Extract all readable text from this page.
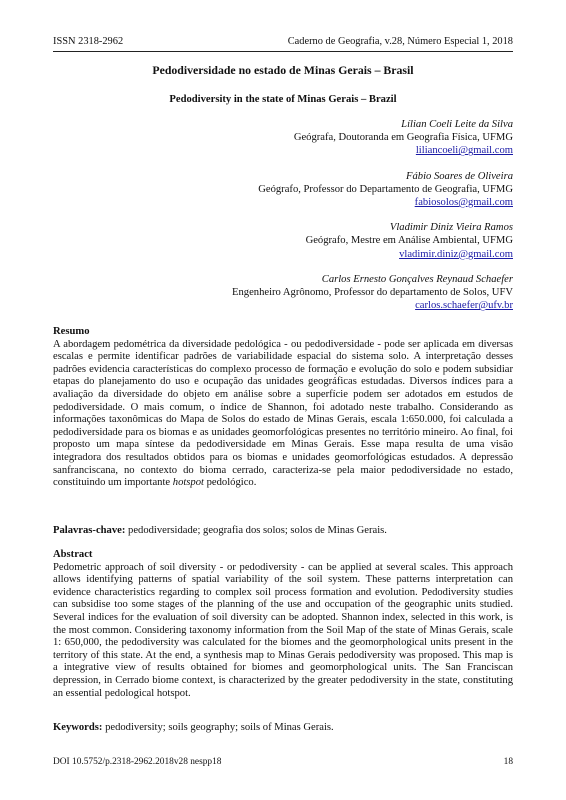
ISSN 2318-2962	Caderno de Geografia, v.28, Número Especial 1, 2018
Pedodiversidade no estado de Minas Gerais – Brasil
Pedodiversity in the state of Minas Gerais – Brazil
Lílian Coeli Leite da Silva
Geógrafa, Doutoranda em Geografia Física, UFMG
liliancoeli@gmail.com
Fábio Soares de Oliveira
Geógrafo, Professor do Departamento de Geografia, UFMG
fabiosolos@gmail.com
Vladimir Diniz Vieira Ramos
Geógrafo, Mestre em Análise Ambiental, UFMG
vladimir.diniz@gmail.com
Carlos Ernesto Gonçalves Reynaud Schaefer
Engenheiro Agrônomo, Professor do departamento de Solos, UFV
carlos.schaefer@ufv.br
Resumo

A abordagem pedométrica da diversidade pedológica - ou pedodiversidade - pode ser aplicada em diversas escalas e permite identificar padrões de variabilidade espacial do sistema solo. A interpretação desses padrões evidencia características do complexo processo de formação e evolução do solo e podem subsidiar etapas do planejamento do uso e ocupação das unidades geográficas estudadas. Diversos índices para a avaliação da diversidade do objeto em análise sobre a superfície podem ser adotados em estudos de pedodiversidade. O mais comum, o índice de Shannon, foi adotado neste trabalho. Considerando as informações taxonômicas do Mapa de Solos do estado de Minas Gerais, escala 1:650.000, foi calculada a pedodiversidade para os biomas e as unidades geomorfológicas presentes no território mineiro. Ao final, foi proposto um mapa síntese da pedodiversidade em Minas Gerais. Esse mapa resulta de uma visão integradora dos resultados obtidos para os biomas e unidades geomorfológicas estudados. A depressão sanfranciscana, no contexto do bioma cerrado, caracteriza-se pela maior pedodiversidade no estado, constituindo um importante hotspot pedológico.

Palavras-chave: pedodiversidade; geografia dos solos; solos de Minas Gerais.

Abstract

Pedometric approach of soil diversity - or pedodiversity - can be applied at several scales. This approach allows identifying patterns of spatial variability of the soil system. These patterns interpretation can evidence characteristics regarding to complex soil process formation and evolution. Pedodiversity studies can subsidise too some stages of the planning of the use and occupation of the geographic units studied. Several indices for the evaluation of soil diversity can be adopted. Shannon index, selected in this work, is the most common. Considering taxonomy information from the Soil Map of the state of Minas Gerais, scale 1: 650,000, the pedodiversity was calculated for the biomes and the geomorphological units present in the territory of this state. At the end, a synthesis map to Minas Gerais pedodiversity was proposed. This map is a integrative view of results obtained for biomes and geomorphological units. The San Franciscan depression, in Cerrado biome context, is characterized by the greater pedodiversity in the state, constituting an essential pedological hotspot.

Keywords: pedodiversity; soils geography; soils of Minas Gerais.

DOI 10.5752/p.2318-2962.2018v28 nespp18	18
